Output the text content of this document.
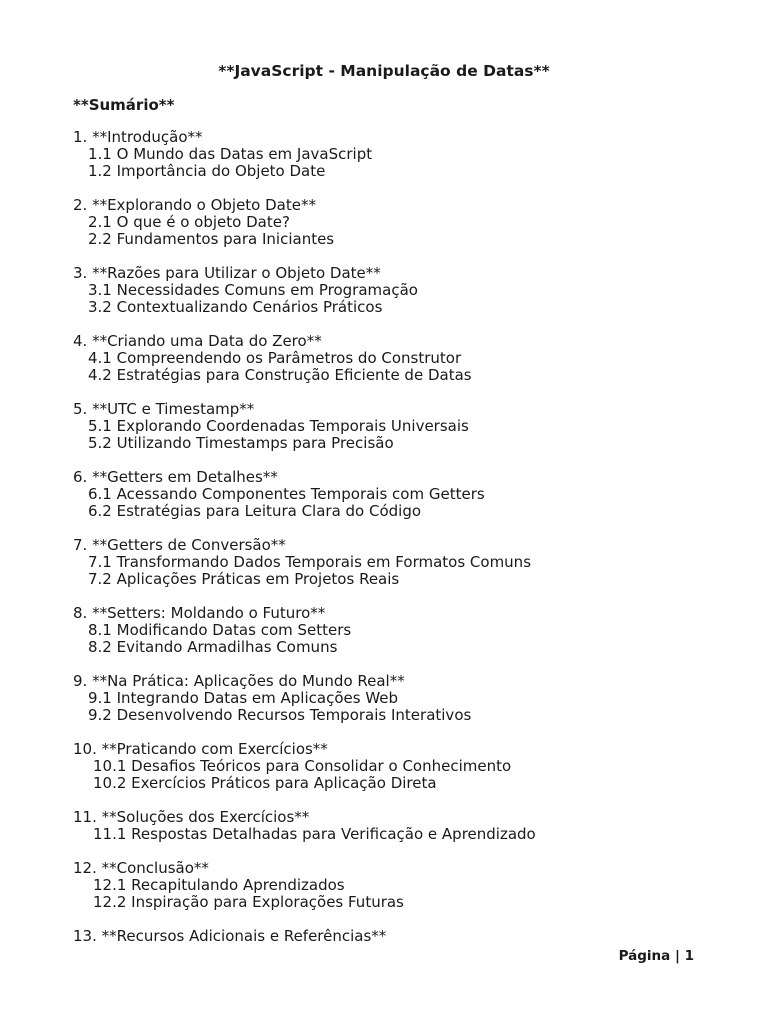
**JavaScript - Manipulação de Datas**
**Sumário**
1. **Introdução**
1.1 O Mundo das Datas em JavaScript
1.2 Importância do Objeto Date
2. **Explorando o Objeto Date**
2.1 O que é o objeto Date?
2.2 Fundamentos para Iniciantes
3. **Razões para Utilizar o Objeto Date**
3.1 Necessidades Comuns em Programação
3.2 Contextualizando Cenários Práticos
4. **Criando uma Data do Zero**
4.1 Compreendendo os Parâmetros do Construtor
4.2 Estratégias para Construção Eficiente de Datas
5. **UTC e Timestamp**
5.1 Explorando Coordenadas Temporais Universais
5.2 Utilizando Timestamps para Precisão
6. **Getters em Detalhes**
6.1 Acessando Componentes Temporais com Getters
6.2 Estratégias para Leitura Clara do Código
7. **Getters de Conversão**
7.1 Transformando Dados Temporais em Formatos Comuns
7.2 Aplicações Práticas em Projetos Reais
8. **Setters: Moldando o Futuro**
8.1 Modificando Datas com Setters
8.2 Evitando Armadilhas Comuns
9. **Na Prática: Aplicações do Mundo Real**
9.1 Integrando Datas em Aplicações Web
9.2 Desenvolvendo Recursos Temporais Interativos
10. **Praticando com Exercícios**
10.1 Desafios Teóricos para Consolidar o Conhecimento
10.2 Exercícios Práticos para Aplicação Direta
11. **Soluções dos Exercícios**
11.1 Respostas Detalhadas para Verificação e Aprendizado
12. **Conclusão**
12.1 Recapitulando Aprendizados
12.2 Inspiração para Explorações Futuras
13. **Recursos Adicionais e Referências**
Página | 1
